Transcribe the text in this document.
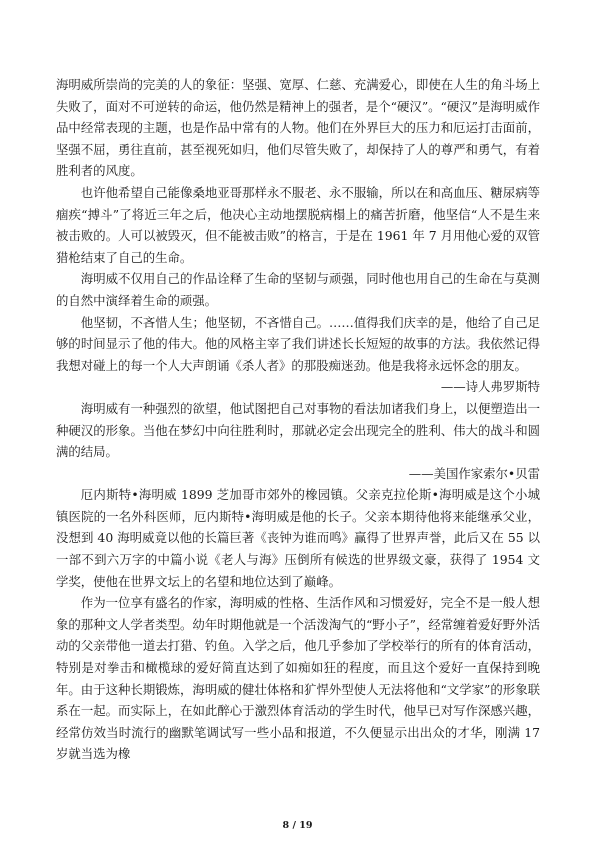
海明威所崇尚的完美的人的象征：坚强、宽厚、仁慈、充满爱心，即使在人生的角斗场上失败了，面对不可逆转的命运，他仍然是精神上的强者，是个“硬汉”。“硬汉”是海明威作品中经常表现的主题，也是作品中常有的人物。他们在外界巨大的压力和厄运打击面前，坚强不屈，勇往直前，甚至视死如归，他们尽管失败了，却保持了人的尊严和勇气，有着胜利者的风度。

也许他希望自己能像桑地亚哥那样永不服老、永不服输，所以在和高血压、糖尿病等痼疾“搏斗”了将近三年之后，他决心主动地摆脱病榻上的痛苦折磨，他坚信“人不是生来被击败的。人可以被毁灭，但不能被击败”的格言，于是在 1961 年 7 月用他心爱的双管猎枪结束了自己的生命。

海明威不仅用自己的作品诠释了生命的坚韧与顽强，同时他也用自己的生命在与莫测的自然中演绎着生命的顽强。

他坚韧，不吝惜人生；他坚韧，不吝惜自己。……值得我们庆幸的是，他给了自己足够的时间显示了他的伟大。他的风格主宰了我们讲述长长短短的故事的方法。我依然记得我想对碰上的每一个人大声朗诵《杀人者》的那股痴迷劲。他是我将永远怀念的朋友。

——诗人弗罗斯特

海明威有一种强烈的欲望，他试图把自己对事物的看法加诸我们身上，以便塑造出一种硬汉的形象。当他在梦幻中向往胜利时，那就必定会出现完全的胜利、伟大的战斗和圆满的结局。

——美国作家索尔•贝雷

厄内斯特•海明威 1899 芝加哥市郊外的橡园镇。父亲克拉伦斯•海明威是这个小城镇医院的一名外科医师，厄内斯特•海明威是他的长子。父亲本期待他将来能继承父业，没想到 40 海明威竟以他的长篇巨著《丧钟为谁而鸣》赢得了世界声誉，此后又在 55 以一部不到六万字的中篇小说《老人与海》压倒所有候选的世界级文豪，获得了 1954 文学奖，使他在世界文坛上的名望和地位达到了巅峰。

作为一位享有盛名的作家，海明威的性格、生活作风和习惯爱好，完全不是一般人想象的那种文人学者类型。幼年时期他就是一个活泼淘气的“野小子”，经常缠着爱好野外活动的父亲带他一道去打猎、钓鱼。入学之后，他几乎参加了学校举行的所有的体育活动，特别是对拳击和橄榄球的爱好简直达到了如痴如狂的程度，而且这个爱好一直保持到晚年。由于这种长期锻炼，海明威的健壮体格和犷悍外型使人无法将他和“文学家”的形象联系在一起。而实际上，在如此醉心于激烈体育活动的学生时代，他早已对写作深感兴趣，经常仿效当时流行的幽默笔调试写一些小品和报道，不久便显示出出众的才华，刚满 17 岁就当选为橡

8 / 19
